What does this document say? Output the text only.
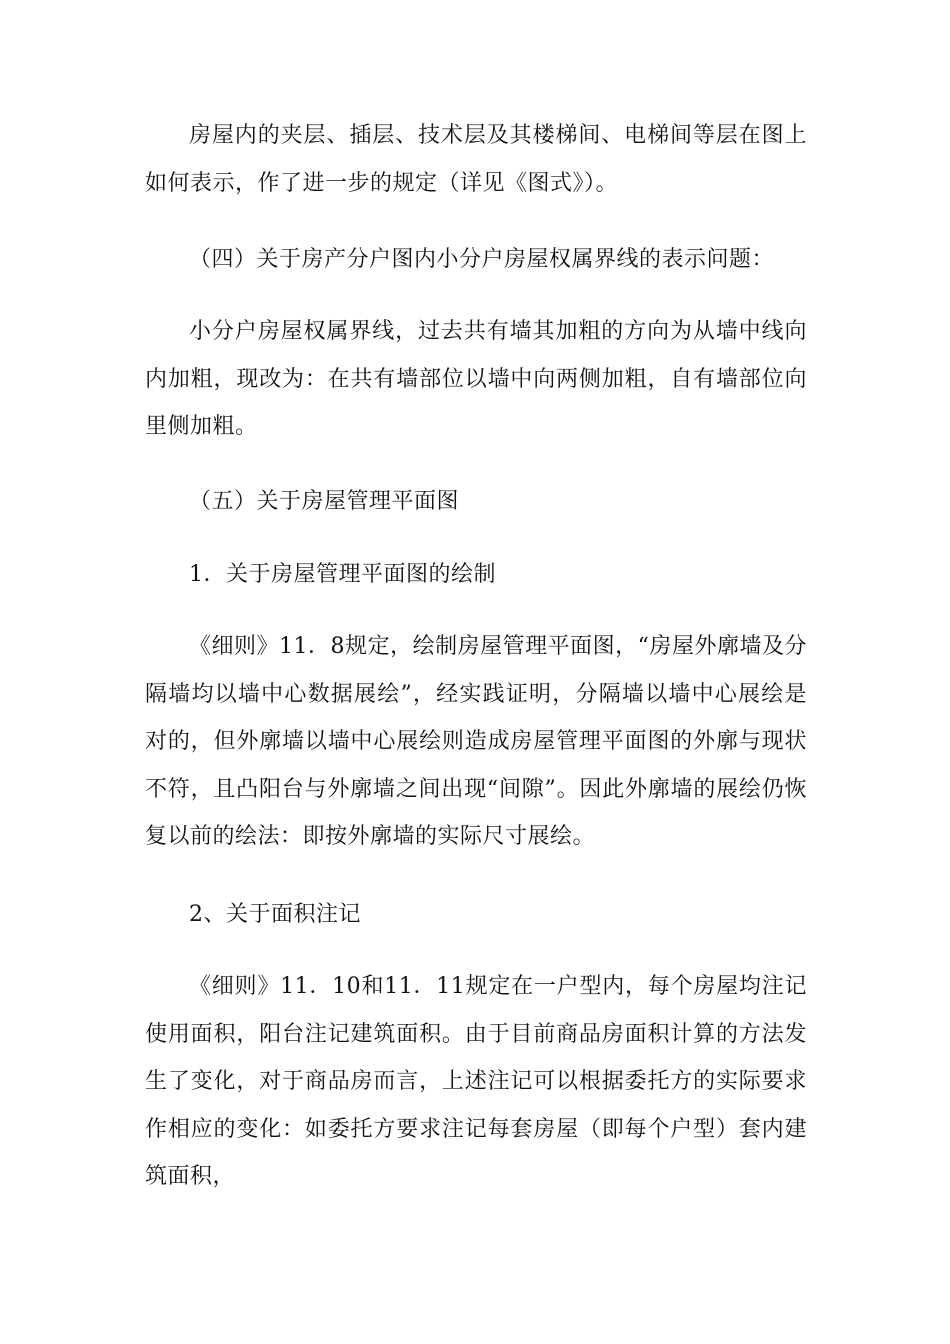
房屋内的夹层、插层、技术层及其楼梯间、电梯间等层在图上如何表示，作了进一步的规定（详见《图式》）。

（四）关于房产分户图内小分户房屋权属界线的表示问题：

小分户房屋权属界线，过去共有墙其加粗的方向为从墙中线向内加粗，现改为：在共有墙部位以墙中向两侧加粗，自有墙部位向里侧加粗。

（五）关于房屋管理平面图

1．关于房屋管理平面图的绘制

《细则》11．8规定，绘制房屋管理平面图，“房屋外廓墙及分隔墙均以墙中心数据展绘”，经实践证明，分隔墙以墙中心展绘是对的，但外廓墙以墙中心展绘则造成房屋管理平面图的外廓与现状不符，且凸阳台与外廓墙之间出现“间隙”。因此外廓墙的展绘仍恢复以前的绘法：即按外廓墙的实际尺寸展绘。

2、关于面积注记

《细则》11．10和11．11规定在一户型内，每个房屋均注记使用面积，阳台注记建筑面积。由于目前商品房面积计算的方法发生了变化，对于商品房而言，上述注记可以根据委托方的实际要求作相应的变化：如委托方要求注记每套房屋（即每个户型）套内建筑面积，
